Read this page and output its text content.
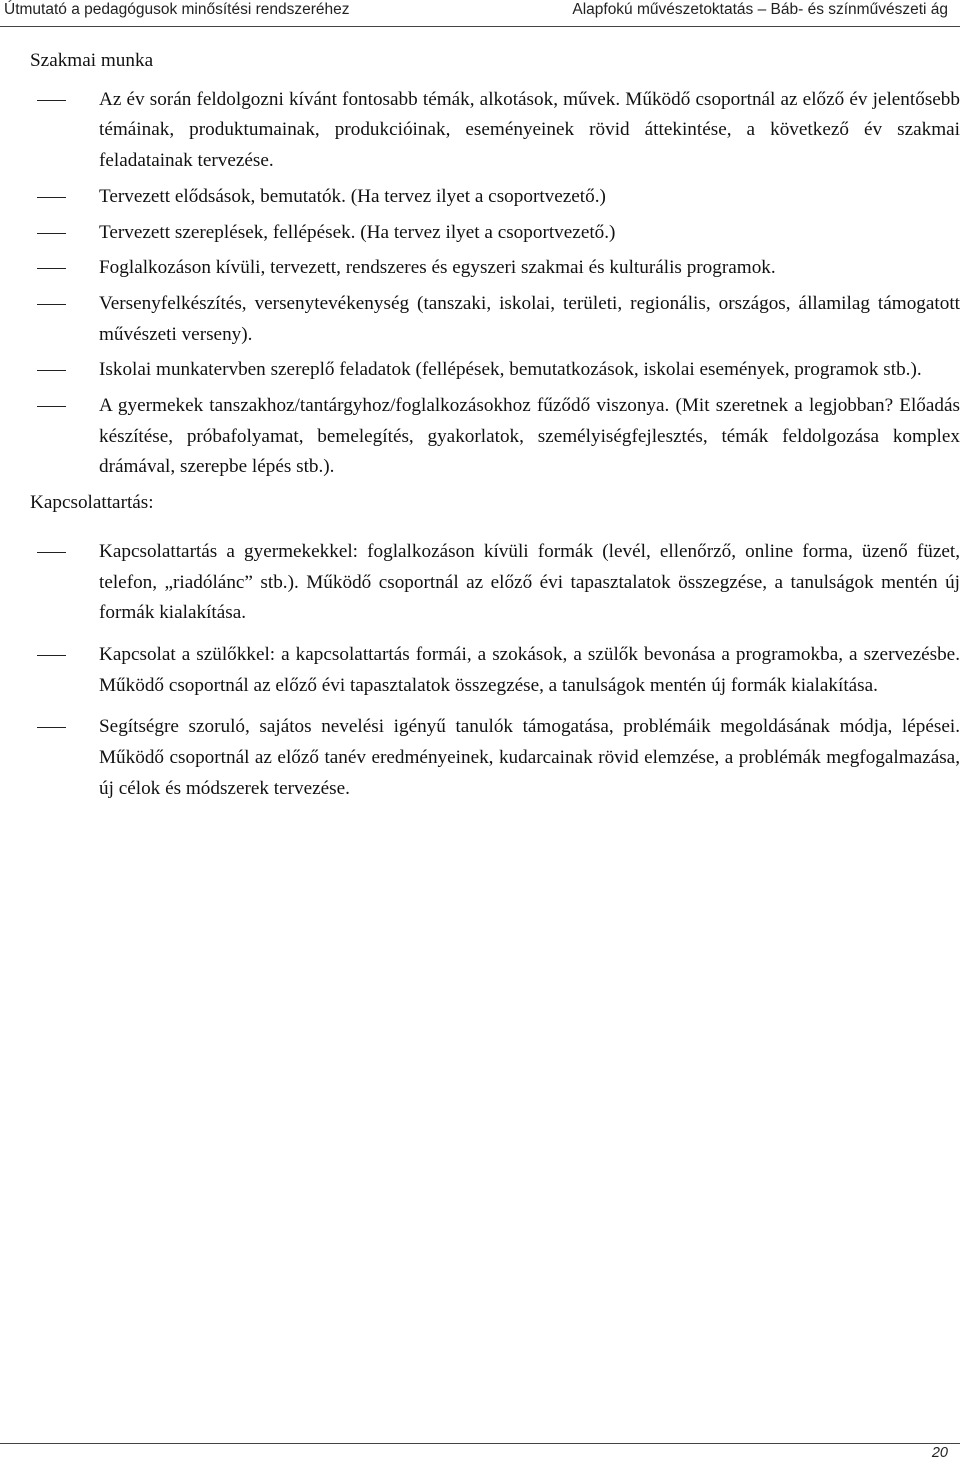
Útmutató a pedagógusok minősítési rendszeréhez	Alapfokú művészetoktatás – Báb- és színművészeti ág
Szakmai munka
Az év során feldolgozni kívánt fontosabb témák, alkotások, művek. Működő csoportnál az előző év jelentősebb témáinak, produktumainak, produkcióinak, eseményeinek rövid áttekintése, a következő év szakmai feladatainak tervezése.
Tervezett elődsások, bemutatók. (Ha tervez ilyet a csoportvezető.)
Tervezett szereplések, fellépések. (Ha tervez ilyet a csoportvezető.)
Foglalkozáson kívüli, tervezett, rendszeres és egyszeri szakmai és kulturális programok.
Versenyfelkészítés, versenytevékenység (tanszaki, iskolai, területi, regionális, országos, államilag támogatott művészeti verseny).
Iskolai munkatervben szereplő feladatok (fellépések, bemutatkozások, iskolai események, programok stb.).
A gyermekek tanszakhoz/tantárgyhoz/foglalkozásokhoz fűződő viszonya. (Mit szeretnek a legjobban? Előadás készítése, próbafolyamat, bemelegítés, gyakorlatok, személyiségfejlesztés, témák feldolgozása komplex drámával, szerepbe lépés stb.).
Kapcsolattartás:
Kapcsolattartás a gyermekekkel: foglalkozáson kívüli formák (levél, ellenőrző, online forma, üzenő füzet, telefon, „riadólánc” stb.). Működő csoportnál az előző évi tapasztalatok összegzése, a tanulságok mentén új formák kialakítása.
Kapcsolat a szülőkkel: a kapcsolattartás formái, a szokások, a szülők bevonása a programokba, a szervezésbe. Működő csoportnál az előző évi tapasztalatok összegzése, a tanulságok mentén új formák kialakítása.
Segítségre szoruló, sajátos nevelési igényű tanulók támogatása, problémáik megoldásának módja, lépései. Működő csoportnál az előző tanév eredményeinek, kudarcainak rövid elemzése, a problémák megfogalmazása, új célok és módszerek tervezése.
20
